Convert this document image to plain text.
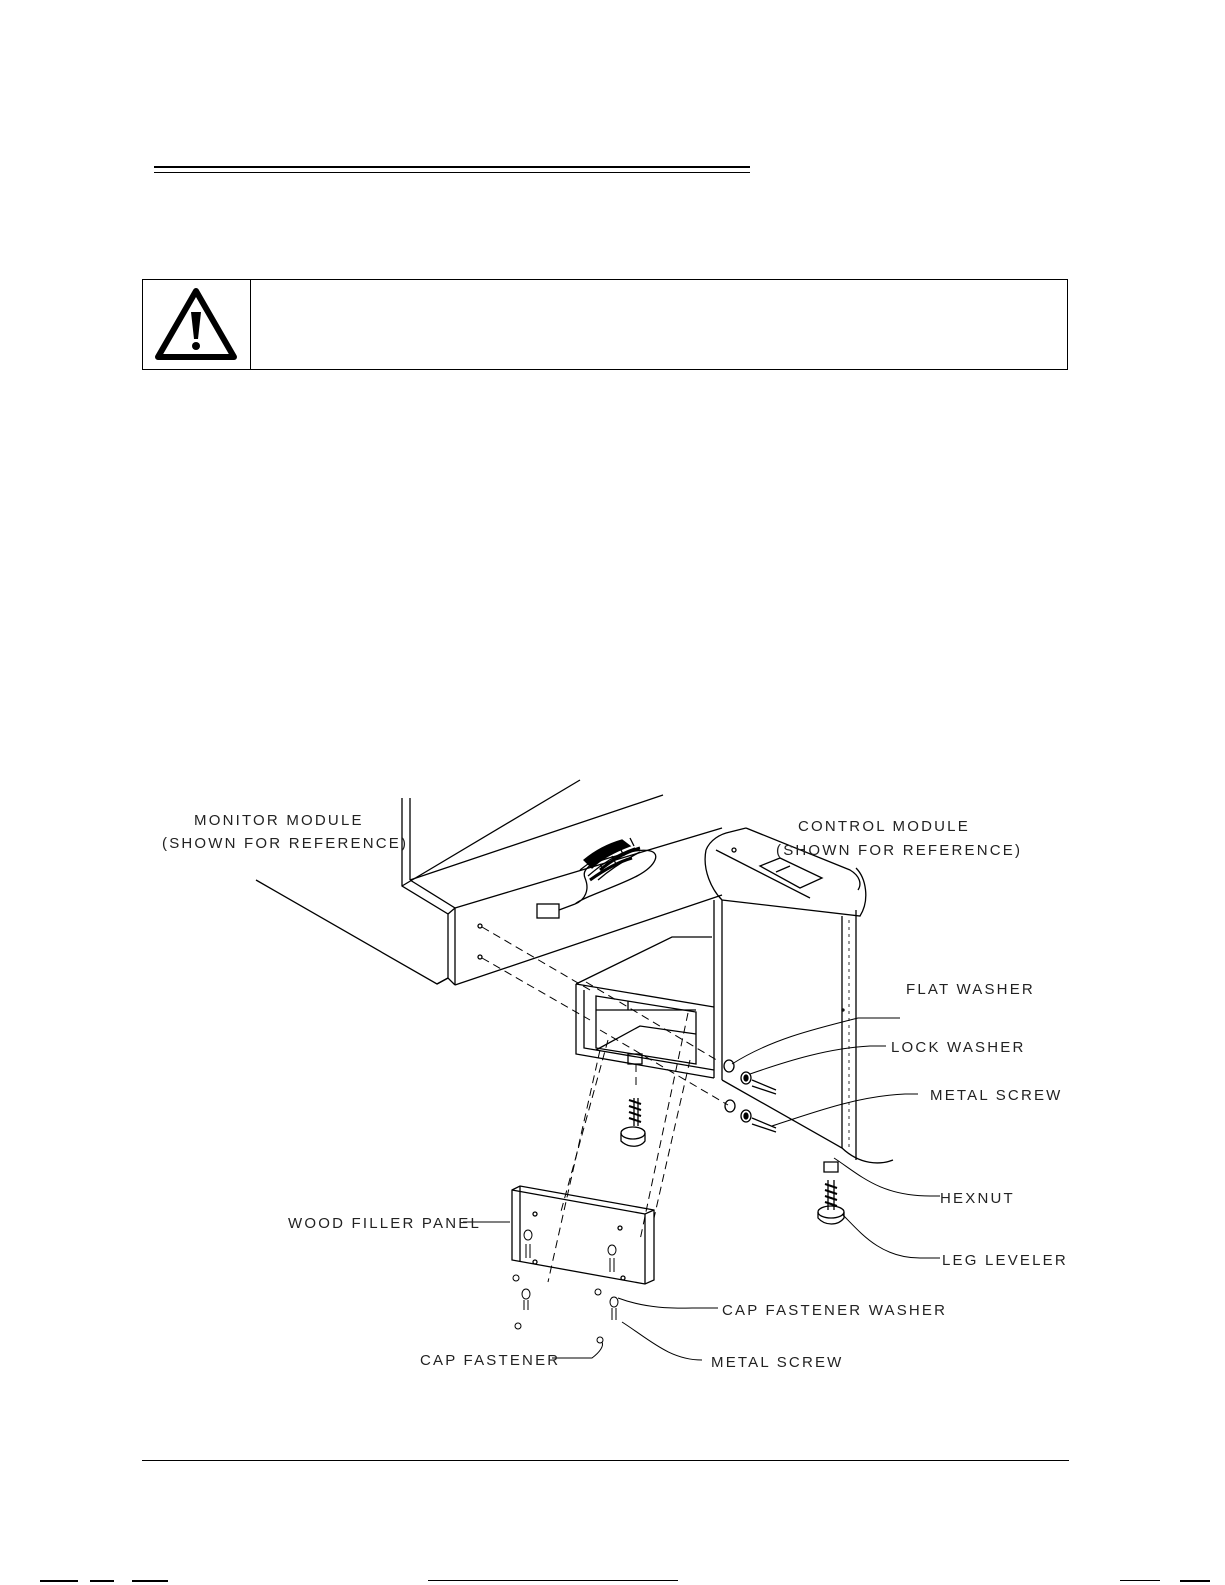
MONITOR MODULE
(SHOWN FOR REFERENCE)
CONTROL MODULE
(SHOWN FOR REFERENCE)
FLAT WASHER
LOCK WASHER
METAL SCREW
HEXNUT
LEG LEVELER
WOOD FILLER PANEL
CAP FASTENER WASHER
CAP FASTENER	METAL SCREW
